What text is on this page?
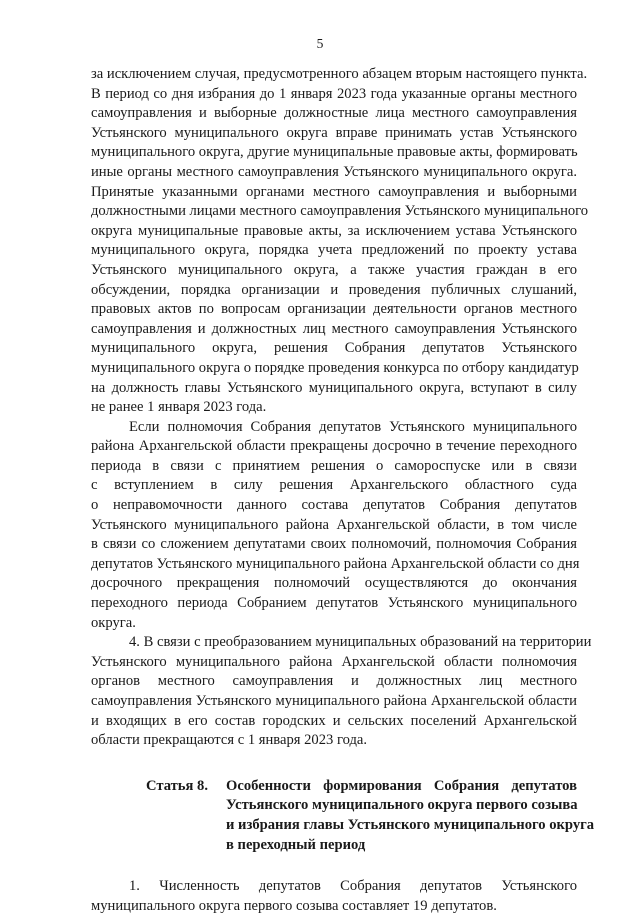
5
за исключением случая, предусмотренного абзацем вторым настоящего пункта.
В период со дня избрания до 1 января 2023 года указанные органы местного
самоуправления и выборные должностные лица местного самоуправления
Устьянского муниципального округа вправе принимать устав Устьянского
муниципального округа, другие муниципальные правовые акты, формировать
иные органы местного самоуправления Устьянского муниципального округа.
Принятые указанными органами местного самоуправления и выборными
должностными лицами местного самоуправления Устьянского муниципального
округа муниципальные правовые акты, за исключением устава Устьянского
муниципального округа, порядка учета предложений по проекту устава
Устьянского муниципального округа, а также участия граждан в его
обсуждении, порядка организации и проведения публичных слушаний,
правовых актов по вопросам организации деятельности органов местного
самоуправления и должностных лиц местного самоуправления Устьянского
муниципального округа, решения Собрания депутатов Устьянского
муниципального округа о порядке проведения конкурса по отбору кандидатур
на должность главы Устьянского муниципального округа, вступают в силу
не ранее 1 января 2023 года.
Если полномочия Собрания депутатов Устьянского муниципального
района Архангельской области прекращены досрочно в течение переходного
периода в связи с принятием решения о самороспуске или в связи
с вступлением в силу решения Архангельского областного суда
о неправомочности данного состава депутатов Собрания депутатов
Устьянского муниципального района Архангельской области, в том числе
в связи со сложением депутатами своих полномочий, полномочия Собрания
депутатов Устьянского муниципального района Архангельской области со дня
досрочного прекращения полномочий осуществляются до окончания
переходного периода Собранием депутатов Устьянского муниципального
округа.
4. В связи с преобразованием муниципальных образований на территории
Устьянского муниципального района Архангельской области полномочия
органов местного самоуправления и должностных лиц местного
самоуправления Устьянского муниципального района Архангельской области
и входящих в его состав городских и сельских поселений Архангельской
области прекращаются с 1 января 2023 года.
Статья 8. Особенности формирования Собрания депутатов
Устьянского муниципального округа первого созыва
и избрания главы Устьянского муниципального округа
в переходный период
1. Численность депутатов Собрания депутатов Устьянского
муниципального округа первого созыва составляет 19 депутатов.
